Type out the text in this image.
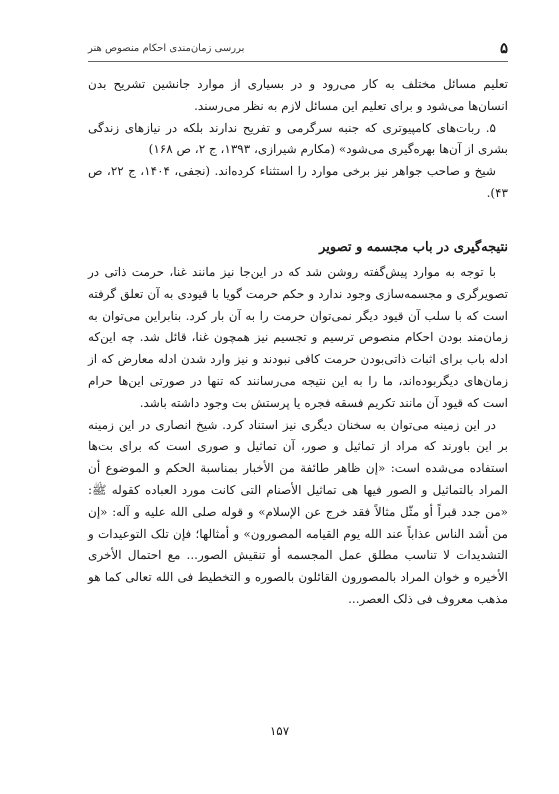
۵
بررسی زمان‌مندی احکام منصوص هنر

تعلیم مسائل مختلف به کار می‌رود و در بسیاری از موارد جانشین تشریح بدن انسان‌ها می‌شود و برای تعلیم این مسائل لازم به نظر می‌رسند.

۵. ربات‌های کامپیوتری که جنبه سرگرمی و تفریح ندارند بلکه در نیازهای زندگی بشری از آن‌ها بهره‌گیری می‌شود» (مکارم شیرازی، ۱۳۹۳، ج ۲، ص ۱۶۸)

شیخ و صاحب جواهر نیز برخی موارد را استثناء کرده‌اند. (نجفی، ۱۴۰۴، ج ۲۲، ص ۴۳).

نتیجه‌گیری در باب مجسمه و تصویر

با توجه به موارد پیش‌گفته روشن شد که در این‌جا نیز مانند غنا، حرمت ذاتی در تصویرگری و مجسمه‌سازی وجود ندارد و حکم حرمت گویا با قیودی به آن تعلق گرفته است که با سلب آن قیود دیگر نمی‌توان حرمت را به آن بار کرد. بنابراین می‌توان به زمان‌مند بودن احکام منصوص ترسیم و تجسیم نیز همچون غنا، قائل شد. چه این‌که ادله باب برای اثبات ذاتی‌بودن حرمت کافی نبودند و نیز وارد شدن ادله معارض که از زمان‌های دیگربوده‌اند، ما را به این نتیجه می‌رسانند که تنها در صورتی این‌ها حرام است که قیود آن مانند تکریم فسقه فجره یا پرستش بت وجود داشته باشد.

در این زمینه می‌توان به سخنان دیگری نیز استناد کرد. شیخ انصاری در این زمینه بر این باورند که مراد از تماثیل و صور، آن تماثیل و صوری است که برای بت‌ها استفاده می‌شده است: «إن ظاهر طائفة من الأخبار بمناسبة الحکم و الموضوع أن المراد بالتماثیل و الصور فیها هی تماثیل الأصنام التی کانت مورد العباده کقوله ﷺ: «من جدد قبراً أو مثّل مثالاً فقد خرج عن الإسلام» و قوله صلی الله علیه و آله: «إن من أشد الناس عذاباً عند الله یوم القیامه المصورون» و أمثالها؛ فإن تلک التوعیدات و التشدیدات لا تناسب مطلق عمل المجسمه أو تنقیش الصور... مع احتمال الأخری الأخیره و خوان المراد بالمصورون القائلون بالصوره و التخطیط فی الله تعالی کما هو مذهب معروف فی ذلک العصر...

۱۵۷
